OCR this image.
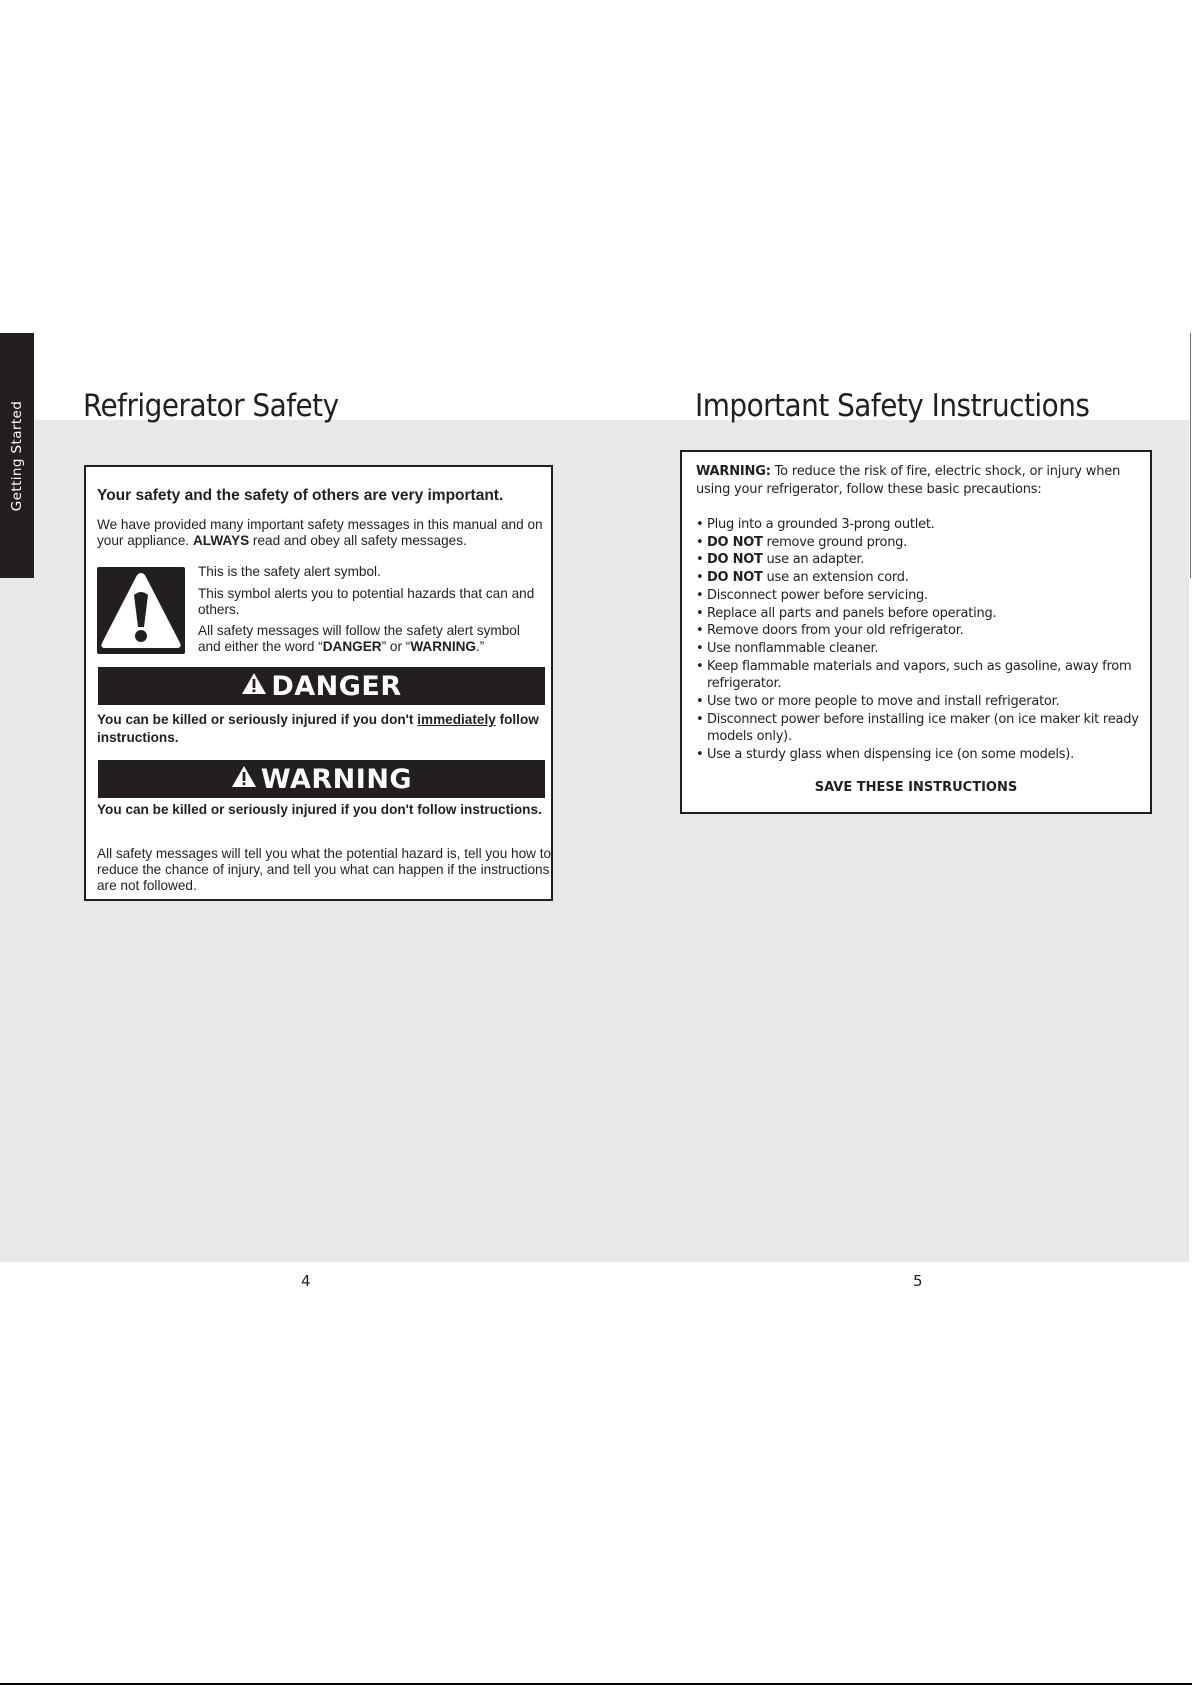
Getting Started Refrigerator Safety	Important Safety Instructions
Your safety and the safety of others are very important.
We have provided many important safety messages in this manual and on your appliance. ALWAYS read and obey all safety messages.
This is the safety alert symbol.
This symbol alerts you to potential hazards that can and others.
All safety messages will follow the safety alert symbol and either the word “DANGER” or “WARNING.”
DANGER
You can be killed or seriously injured if you don't immediately follow instructions.
WARNING
You can be killed or seriously injured if you don't follow instructions.
All safety messages will tell you what the potential hazard is, tell you how to reduce the chance of injury, and tell you what can happen if the instructions are not followed.
WARNING: To reduce the risk of fire, electric shock, or injury when using your refrigerator, follow these basic precautions:
• Plug into a grounded 3-prong outlet.
• DO NOT remove ground prong.
• DO NOT use an adapter.
• DO NOT use an extension cord.
• Disconnect power before servicing.
• Replace all parts and panels before operating.
• Remove doors from your old refrigerator.
• Use nonflammable cleaner.
• Keep flammable materials and vapors, such as gasoline, away from refrigerator.
• Use two or more people to move and install refrigerator.
• Disconnect power before installing ice maker (on ice maker kit ready models only).
• Use a sturdy glass when dispensing ice (on some models).
SAVE THESE INSTRUCTIONS
4	5
